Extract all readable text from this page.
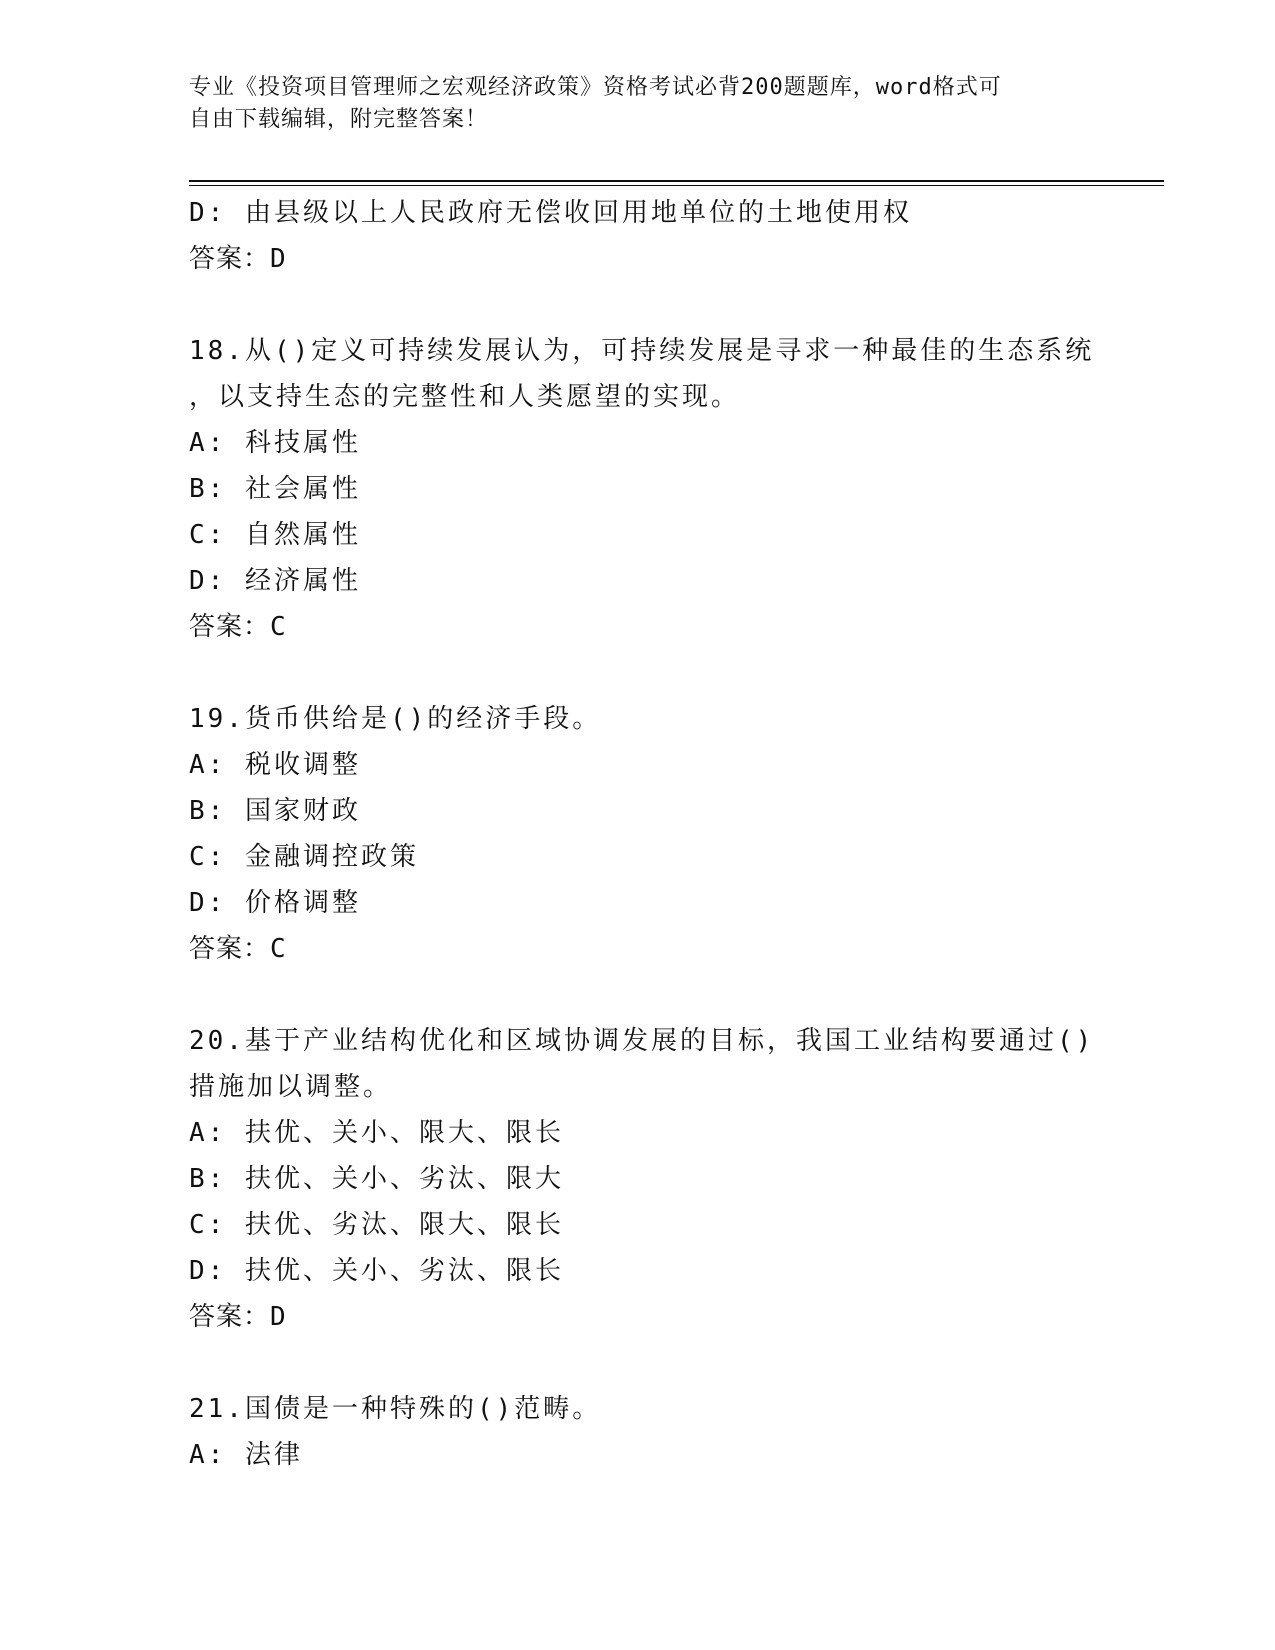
专业《投资项目管理师之宏观经济政策》资格考试必背200题题库，word格式可
自由下载编辑，附完整答案！
D: 由县级以上人民政府无偿收回用地单位的土地使用权
答案：D
18.从()定义可持续发展认为，可持续发展是寻求一种最佳的生态系统
，以支持生态的完整性和人类愿望的实现。
A: 科技属性
B: 社会属性
C: 自然属性
D: 经济属性
答案：C
19.货币供给是()的经济手段。
A: 税收调整
B: 国家财政
C: 金融调控政策
D: 价格调整
答案：C
20.基于产业结构优化和区域协调发展的目标，我国工业结构要通过()
措施加以调整。
A: 扶优、关小、限大、限长
B: 扶优、关小、劣汰、限大
C: 扶优、劣汰、限大、限长
D: 扶优、关小、劣汰、限长
答案：D
21.国债是一种特殊的()范畴。
A: 法律
